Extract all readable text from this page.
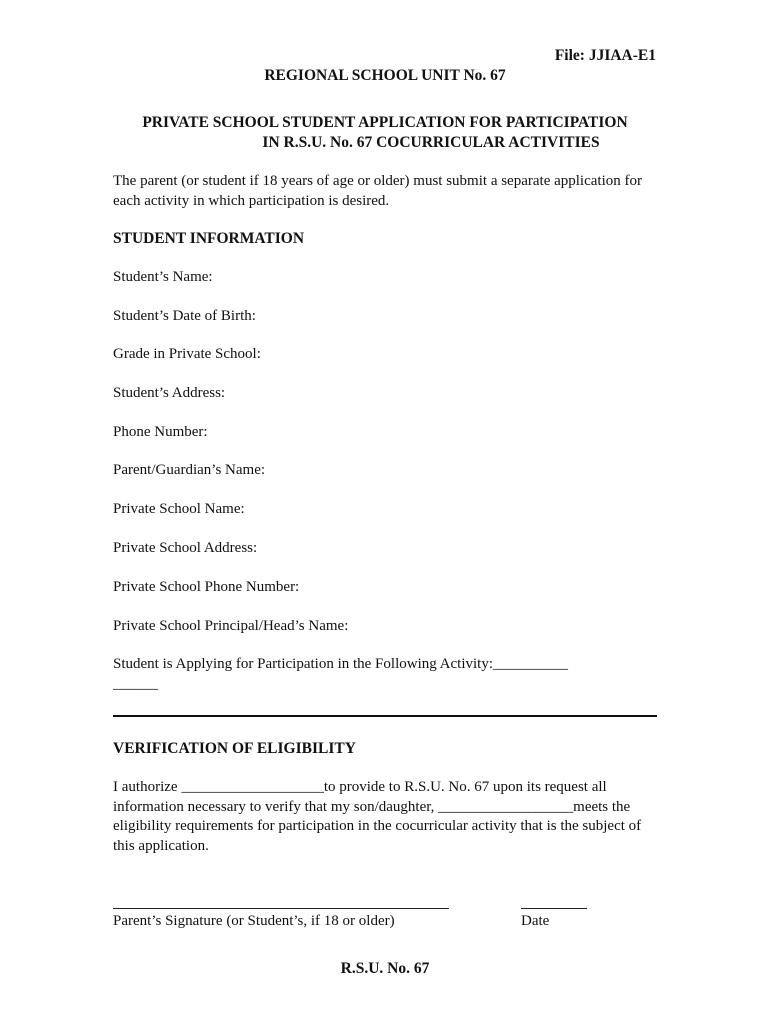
File: JJIAA-E1
REGIONAL SCHOOL UNIT No. 67
PRIVATE SCHOOL STUDENT APPLICATION FOR PARTICIPATION
IN R.S.U. No. 67 COCURRICULAR ACTIVITIES
The parent (or student if 18 years of age or older) must submit a separate application for each activity in which participation is desired.
STUDENT INFORMATION
Student’s Name:
Student’s Date of Birth:
Grade in Private School:
Student’s Address:
Phone Number:
Parent/Guardian’s Name:
Private School Name:
Private School Address:
Private School Phone Number:
Private School Principal/Head’s Name:
Student is Applying for Participation in the Following Activity:__________
______
VERIFICATION OF ELIGIBILITY
I authorize ___________________to provide to R.S.U. No. 67 upon its request all information necessary to verify that my son/daughter, __________________meets the eligibility requirements for participation in the cocurricular activity that is the subject of this application.
Parent’s Signature (or Student’s, if 18 or older)	Date
R.S.U. No. 67
